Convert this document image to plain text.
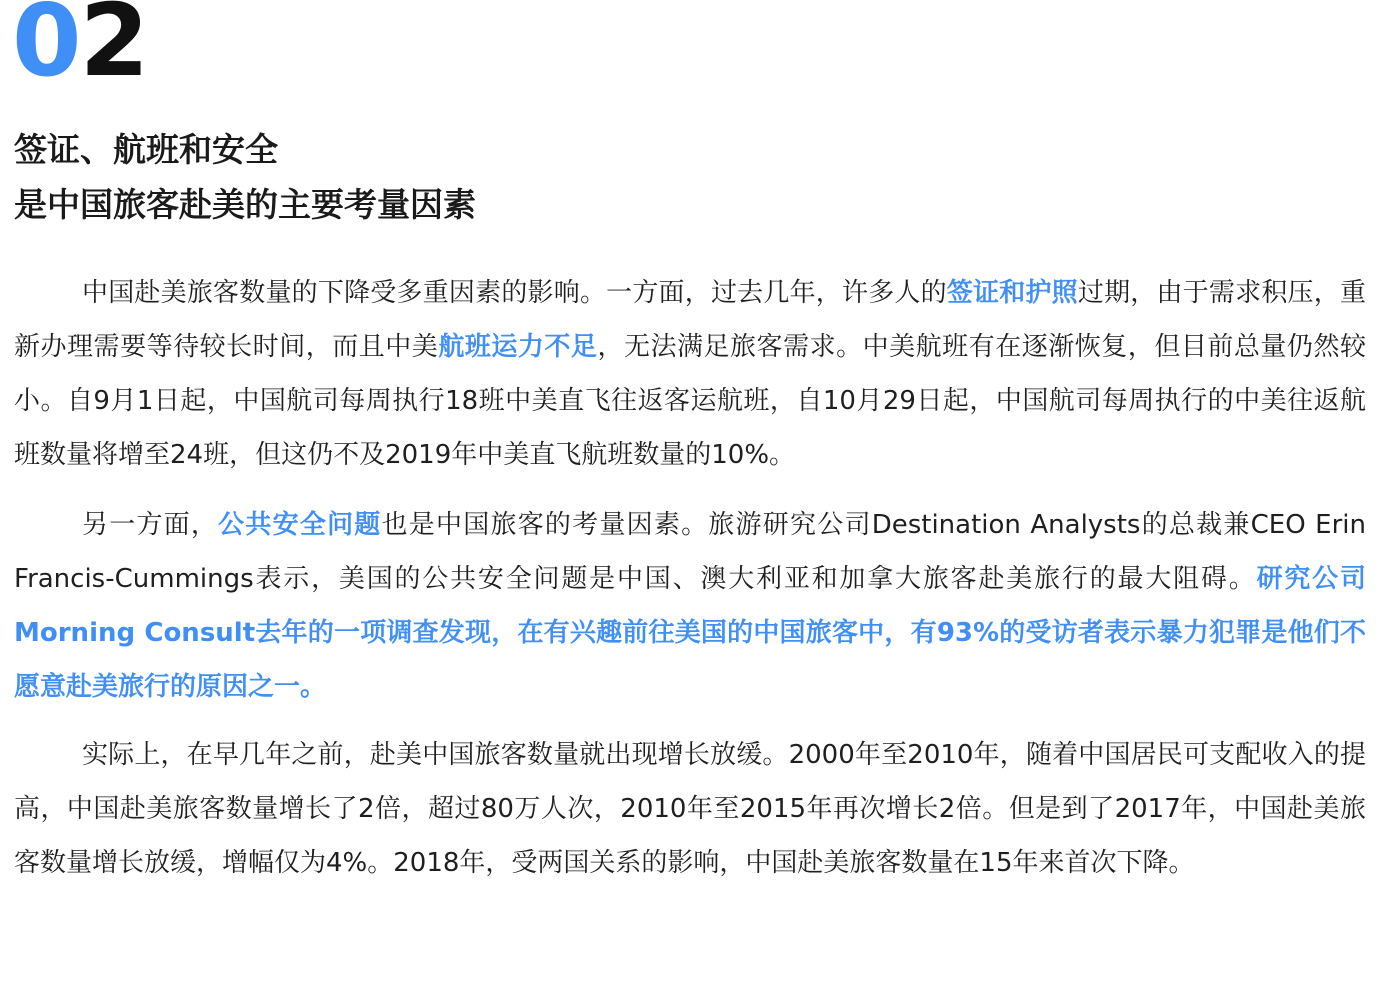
02
签证、航班和安全
是中国旅客赴美的主要考量因素

中国赴美旅客数量的下降受多重因素的影响。一方面，过去几年，许多人的签证和护照过期，由于需求积压，重新办理需要等待较长时间，而且中美航班运力不足，无法满足旅客需求。中美航班有在逐渐恢复，但目前总量仍然较小。自9月1日起，中国航司每周执行18班中美直飞往返客运航班，自10月29日起，中国航司每周执行的中美往返航班数量将增至24班，但这仍不及2019年中美直飞航班数量的10%。

另一方面，公共安全问题也是中国旅客的考量因素。旅游研究公司Destination Analysts的总裁兼CEO Erin Francis-Cummings表示，美国的公共安全问题是中国、澳大利亚和加拿大旅客赴美旅行的最大阻碍。研究公司Morning Consult去年的一项调查发现，在有兴趣前往美国的中国旅客中，有93%的受访者表示暴力犯罪是他们不愿意赴美旅行的原因之一。

实际上，在早几年之前，赴美中国旅客数量就出现增长放缓。2000年至2010年，随着中国居民可支配收入的提高，中国赴美旅客数量增长了2倍，超过80万人次，2010年至2015年再次增长2倍。但是到了2017年，中国赴美旅客数量增长放缓，增幅仅为4%。2018年，受两国关系的影响，中国赴美旅客数量在15年来首次下降。
